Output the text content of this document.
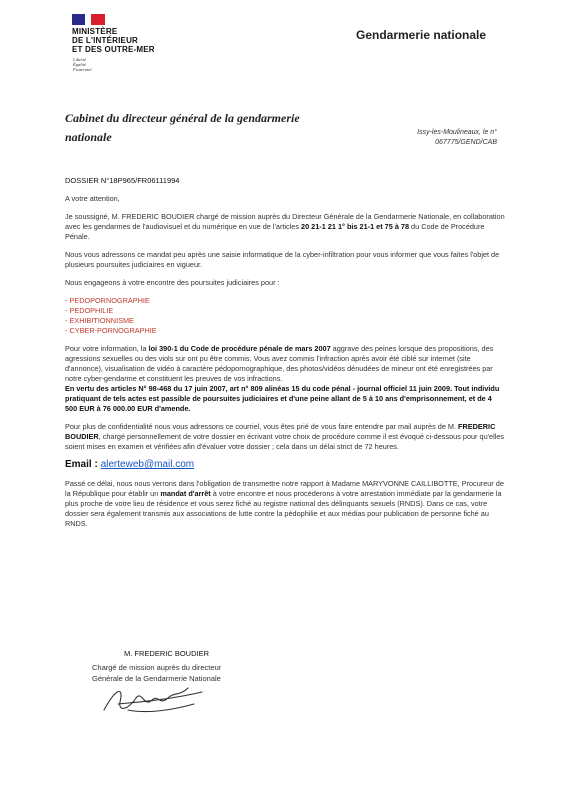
MINISTÈRE
DE L'INTÉRIEUR
ET DES OUTRE-MER
Liberté
Égalité
Fraternité
Gendarmerie nationale
Cabinet du directeur général de la gendarmerie nationale	Issy-les-Moulineaux, le n° 067775/GEND/CAB
DOSSIER N°18P965/FR06111994

A votre attention,

Je soussigné, M. FREDERIC BOUDIER chargé de mission auprès du Directeur Générale de la Gendarmerie Nationale, en collaboration avec les gendarmes de l'audiovisuel et du numérique en vue de l'articles 20 21-1 21 1° bis 21-1 et 75 à 78 du Code de Procédure Pénale.

Nous vous adressons ce mandat peu après une saisie informatique de la cyber-infiltration pour vous informer que vous faites l'objet de plusieurs poursuites judiciaires en vigueur.

Nous engageons à votre encontre des poursuites judiciaires pour :

- PEDOPORNOGRAPHIE
- PEDOPHILIE
- EXHIBITIONNISME
- CYBER-PORNOGRAPHIE

Pour votre information, la loi 390-1 du Code de procédure pénale de mars 2007 aggrave des peines lorsque des propositions, des agressions sexuelles ou des viols sur ont pu être commis. Vous avez commis l'infraction après avoir été ciblé sur internet (site d'annonce), visualisation de vidéo à caractère pédopornographique, des photos/vidéos dénudées de mineur ont été enregistrées par notre cyber-gendarme et constituent les preuves de vos infractions.
En vertu des articles N° 98-468 du 17 juin 2007, art n° 809 alinéas 15 du code pénal - journal officiel 11 juin 2009. Tout individu pratiquant de tels actes est passible de poursuites judiciaires et d'une peine allant de 5 à 10 ans d'emprisonnement, et de 4 500 EUR à 76 000.00 EUR d'amende.

Pour plus de confidentialité nous vous adressons ce courriel, vous êtes prié de vous faire entendre par mail auprès de M. FREDERIC BOUDIER, chargé personnellement de votre dossier en écrivant votre choix de procédure comme il est évoqué ci-dessous pour qu'elles soient mises en examen et vérifiées afin d'évaluer votre dossier ; cela dans un délai strict de 72 heures.

Email : alerteweb@mail.com

Passé ce délai, nous nous verrons dans l'obligation de transmettre notre rapport à Madame MARYVONNE CAILLIBOTTE, Procureur de la République pour établir un mandat d'arrêt à votre encontre et nous procéderons à votre arrestation immédiate par la gendarmerie la plus proche de votre lieu de résidence et vous serez fiché au registre national des délinquants sexuels (RNDS). Dans ce cas, votre dossier sera également transmis aux associations de lutte contre la pédophilie et aux médias pour publication de personne fiché au RNDS.

M. FREDERIC BOUDIER
Chargé de mission auprès du directeur
Générale de la Gendarmerie Nationale
